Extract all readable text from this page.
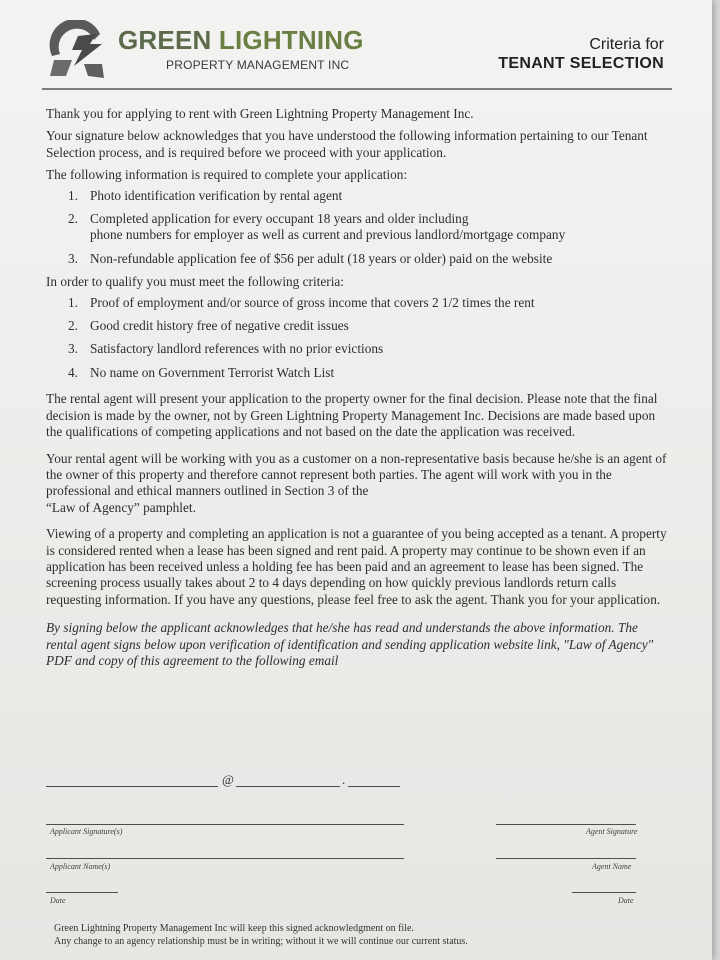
GREEN LIGHTNING
PROPERTY MANAGEMENT INC
Criteria for
TENANT SELECTION

Thank you for applying to rent with Green Lightning Property Management Inc.

Your signature below acknowledges that you have understood the following information pertaining to our Tenant Selection process, and is required before we proceed with your application.

The following information is required to complete your application:

1. Photo identification verification by rental agent
2. Completed application for every occupant 18 years and older including
phone numbers for employer as well as current and previous landlord/mortgage company
3. Non-refundable application fee of $56 per adult (18 years or older) paid on the website

In order to qualify you must meet the following criteria:

1. Proof of employment and/or source of gross income that covers 2 1/2 times the rent
2. Good credit history free of negative credit issues
3. Satisfactory landlord references with no prior evictions
4. No name on Government Terrorist Watch List

The rental agent will present your application to the property owner for the final decision. Please note that the final decision is made by the owner, not by Green Lightning Property Management Inc. Decisions are made based upon the qualifications of competing applications and not based on the date the application was received.

Your rental agent will be working with you as a customer on a non-representative basis because he/she is an agent of the owner of this property and therefore cannot represent both parties. The agent will work with you in the professional and ethical manners outlined in Section 3 of the
“Law of Agency” pamphlet.

Viewing of a property and completing an application is not a guarantee of you being accepted as a tenant. A property is considered rented when a lease has been signed and rent paid. A property may continue to be shown even if an application has been received unless a holding fee has been paid and an agreement to lease has been signed. The screening process usually takes about 2 to 4 days depending on how quickly previous landlords return calls requesting information. If you have any questions, please feel free to ask the agent. Thank you for your application.

By signing below the applicant acknowledges that he/she has read and understands the above information. The rental agent signs below upon verification of identification and sending application website link, "Law of Agency" PDF and copy of this agreement to the following email

@	.
Applicant Signature(s)	Agent Signature
Applicant Name(s)	Agent Name
Date	Date
Green Lightning Property Management Inc will keep this signed acknowledgment on file.
Any change to an agency relationship must be in writing; without it we will continue our current status.
